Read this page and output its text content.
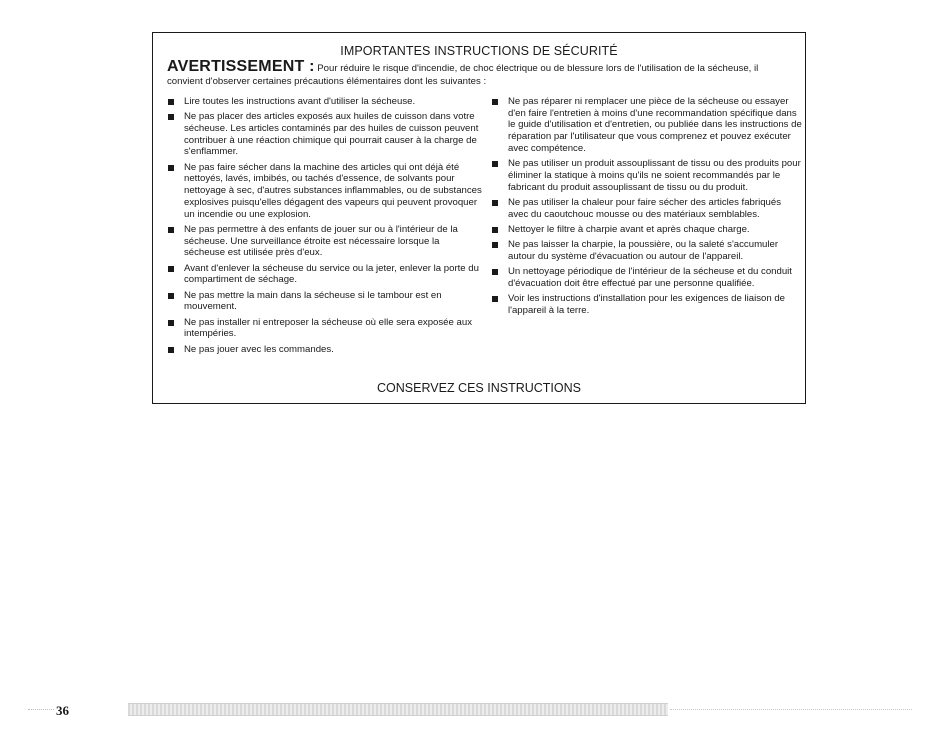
IMPORTANTES INSTRUCTIONS DE SÉCURITÉ
AVERTISSEMENT : Pour réduire le risque d'incendie, de choc électrique ou de blessure lors de l'utilisation de la sécheuse, il convient d'observer certaines précautions élémentaires dont les suivantes :
Lire toutes les instructions avant d'utiliser la sécheuse.
Ne pas placer des articles exposés aux huiles de cuisson dans votre sécheuse. Les articles contaminés par des huiles de cuisson peuvent contribuer à une réaction chimique qui pourrait causer à la charge de s'enflammer.
Ne pas faire sécher dans la machine des articles qui ont déjà été nettoyés, lavés, imbibés, ou tachés d'essence, de solvants pour nettoyage à sec, d'autres substances inflammables, ou de substances explosives puisqu'elles dégagent des vapeurs qui peuvent provoquer un incendie ou une explosion.
Ne pas permettre à des enfants de jouer sur ou à l'intérieur de la sécheuse. Une surveillance étroite est nécessaire lorsque la sécheuse est utilisée près d'eux.
Avant d'enlever la sécheuse du service ou la jeter, enlever la porte du compartiment de séchage.
Ne pas mettre la main dans la sécheuse si le tambour est en mouvement.
Ne pas installer ni entreposer la sécheuse où elle sera exposée aux intempéries.
Ne pas jouer avec les commandes.
Ne pas réparer ni remplacer une pièce de la sécheuse ou essayer d'en faire l'entretien à moins d'une recommandation spécifique dans le guide d'utilisation et d'entretien, ou publiée dans les instructions de réparation par l'utilisateur que vous comprenez et pouvez exécuter avec compétence.
Ne pas utiliser un produit assouplissant de tissu ou des produits pour éliminer la statique à moins qu'ils ne soient recommandés par le fabricant du produit assouplissant de tissu ou du produit.
Ne pas utiliser la chaleur pour faire sécher des articles fabriqués avec du caoutchouc mousse ou des matériaux semblables.
Nettoyer le filtre à charpie avant et après chaque charge.
Ne pas laisser la charpie, la poussière, ou la saleté s'accumuler autour du système d'évacuation ou autour de l'appareil.
Un nettoyage périodique de l'intérieur de la sécheuse et du conduit d'évacuation doit être effectué par une personne qualifiée.
Voir les instructions d'installation pour les exigences de liaison de l'appareil à la terre.
CONSERVEZ CES INSTRUCTIONS
36
